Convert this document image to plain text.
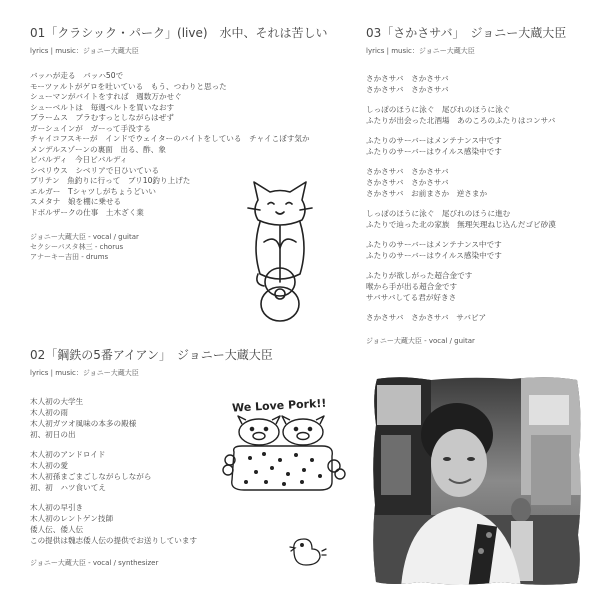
01「クラシック・パーク」(live)　水中、それは苦しい
lyrics | music：ジョニー大蔵大臣
バッハが走る　バッハ50で
モーツァルトがゲロを吐いている　もう、つわりと思った
シューマンがバイトをすれば　週数万かせぐ
シューベルトは　毎週ベルトを買いなおす
ブラームス　ブラむすっとしながらはぜず
ガーシュインが　ガーって手没する
チャイコフスキーが　インドでウェイターのバイトをしている　チャイこぼす気か
メンデルスゾーンの裏面　出る、酢、象
ビバルディ　今日ビバルディ
シベリウス　シベリアで日ひいている
ブリテン　魚釣りに行って　ブリ10釣り上げた
エルガー　Tシャツしがちょうどいい
スメタナ　娘を棚に乗せる
ドボルザークの仕事　土木ざく業
ジョニー大蔵大臣 - vocal / guitar
セクシーパスタ林三 - chorus
アナーキー吉田 - drums
02「鋼鉄の5番アイアン」　ジョニー大蔵大臣
lyrics | music：ジョニー大蔵大臣
木人初の大学生
木人初の雨
木人初ガツオ風味の本多の殿様
初、初日の出
木人初のアンドロイド
木人初の愛
木人初孫まごまごしながらしながら
初、初　ハツ食いてえ
木人初の早引き
木人初のレントゲン技師
倭人伝、倭人伝
この提供は魏志倭人伝の提供でお送りしています
ジョニー大蔵大臣 - vocal / synthesizer
We Love Pork!!
03「さかさサバ」　ジョニー大蔵大臣
lyrics | music：ジョニー大蔵大臣
さかさサバ　さかさサバ
さかさサバ　さかさサバ
しっぽのほうに泳ぐ　尾びれのほうに泳ぐ
ふたりが出会った北酒場　あのころのふたりはコンサバ
ふたりのサーバーはメンテナンス中です
ふたりのサーバーはウイルス感染中です
さかさサバ　さかさサバ
さかさサバ　さかさサバ
さかさサバ　お前まさか　逆さまか
しっぽのほうに泳ぐ　尾びれのほうに進む
ふたりで辿った北の家族　無理矢理ねじ込んだゴビ砂漠
ふたりのサーバーはメンテナンス中です
ふたりのサーバーはウイルス感染中です
ふたりが欲しがった超合金です
喉から手が出る超合金です
サバサバしてる君が好きさ
さかさサバ　さかさサバ　サバビア
ジョニー大蔵大臣 - vocal / guitar
